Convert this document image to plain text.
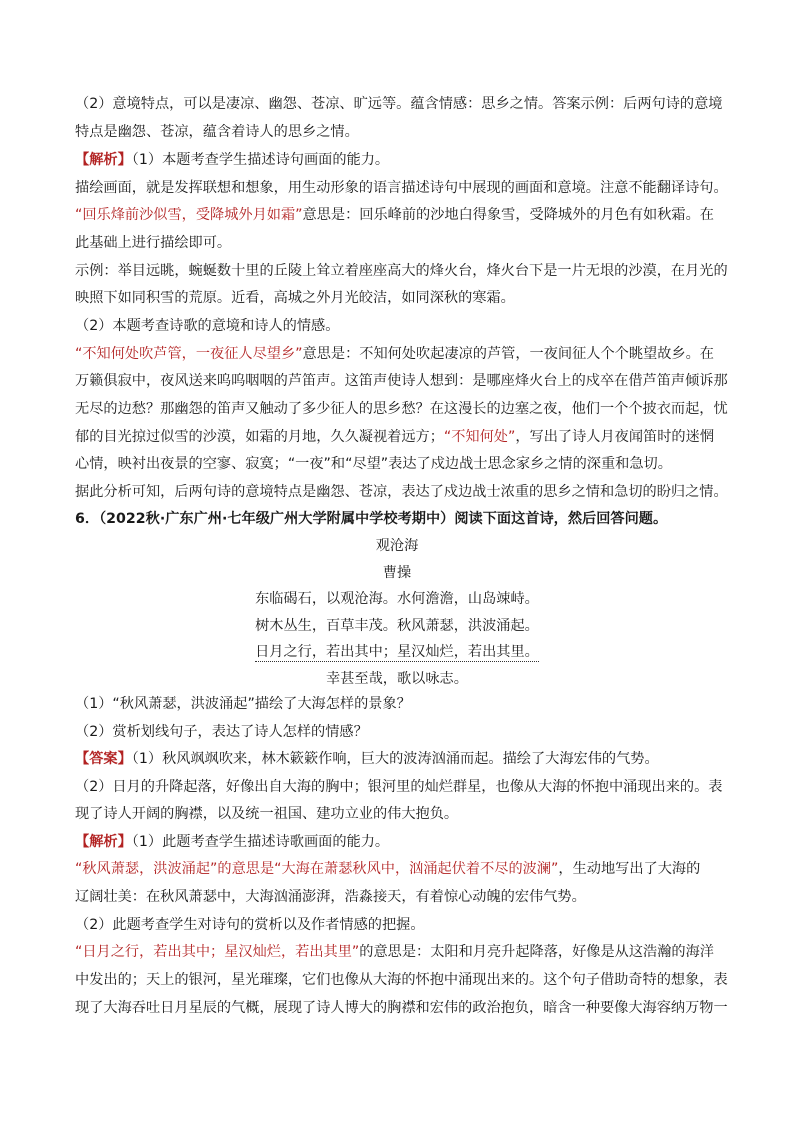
（2）意境特点，可以是凄凉、幽怨、苍凉、旷远等。蕴含情感：思乡之情。答案示例：后两句诗的意境
特点是幽怨、苍凉，蕴含着诗人的思乡之情。
【解析】（1）本题考查学生描述诗句画面的能力。
描绘画面，就是发挥联想和想象，用生动形象的语言描述诗句中展现的画面和意境。注意不能翻译诗句。
“回乐烽前沙似雪，受降城外月如霜”意思是：回乐峰前的沙地白得象雪，受降城外的月色有如秋霜。在
此基础上进行描绘即可。
示例：举目远眺，蜿蜒数十里的丘陵上耸立着座座高大的烽火台，烽火台下是一片无垠的沙漠，在月光的
映照下如同积雪的荒原。近看，高城之外月光皎洁，如同深秋的寒霜。
（2）本题考查诗歌的意境和诗人的情感。
“不知何处吹芦管，一夜征人尽望乡”意思是：不知何处吹起凄凉的芦管，一夜间征人个个眺望故乡。在
万籁俱寂中，夜风送来呜呜咽咽的芦笛声。这笛声使诗人想到：是哪座烽火台上的戍卒在借芦笛声倾诉那
无尽的边愁？那幽怨的笛声又触动了多少征人的思乡愁？在这漫长的边塞之夜，他们一个个披衣而起，忧
郁的目光掠过似雪的沙漠，如霜的月地，久久凝视着远方；“不知何处”，写出了诗人月夜闻笛时的迷惘
心情，映衬出夜景的空寥、寂寞；“一夜”和“尽望”表达了戍边战士思念家乡之情的深重和急切。
据此分析可知，后两句诗的意境特点是幽怨、苍凉，表达了戍边战士浓重的思乡之情和急切的盼归之情。
6．（2022秋·广东广州·七年级广州大学附属中学校考期中）阅读下面这首诗，然后回答问题。
观沧海
曹操
东临碣石，以观沧海。水何澹澹，山岛竦峙。
树木丛生，百草丰茂。秋风萧瑟，洪波涌起。
日月之行，若出其中；星汉灿烂，若出其里。
幸甚至哉，歌以咏志。
（1）“秋风萧瑟，洪波涌起”描绘了大海怎样的景象？
（2）赏析划线句子，表达了诗人怎样的情感？
【答案】（1）秋风飒飒吹来，林木簌簌作响，巨大的波涛汹涌而起。描绘了大海宏伟的气势。
（2）日月的升降起落，好像出自大海的胸中；银河里的灿烂群星，也像从大海的怀抱中涌现出来的。表
现了诗人开阔的胸襟，以及统一祖国、建功立业的伟大抱负。
【解析】（1）此题考查学生描述诗歌画面的能力。
“秋风萧瑟，洪波涌起”的意思是“大海在萧瑟秋风中，汹涌起伏着不尽的波澜”，生动地写出了大海的
辽阔壮美：在秋风萧瑟中，大海汹涌澎湃，浩淼接天，有着惊心动魄的宏伟气势。
（2）此题考查学生对诗句的赏析以及作者情感的把握。
“日月之行，若出其中；星汉灿烂，若出其里”的意思是：太阳和月亮升起降落，好像是从这浩瀚的海洋
中发出的；天上的银河，星光璀璨，它们也像从大海的怀抱中涌现出来的。这个句子借助奇特的想象，表
现了大海吞吐日月星辰的气概，展现了诗人博大的胸襟和宏伟的政治抱负，暗含一种要像大海容纳万物一
